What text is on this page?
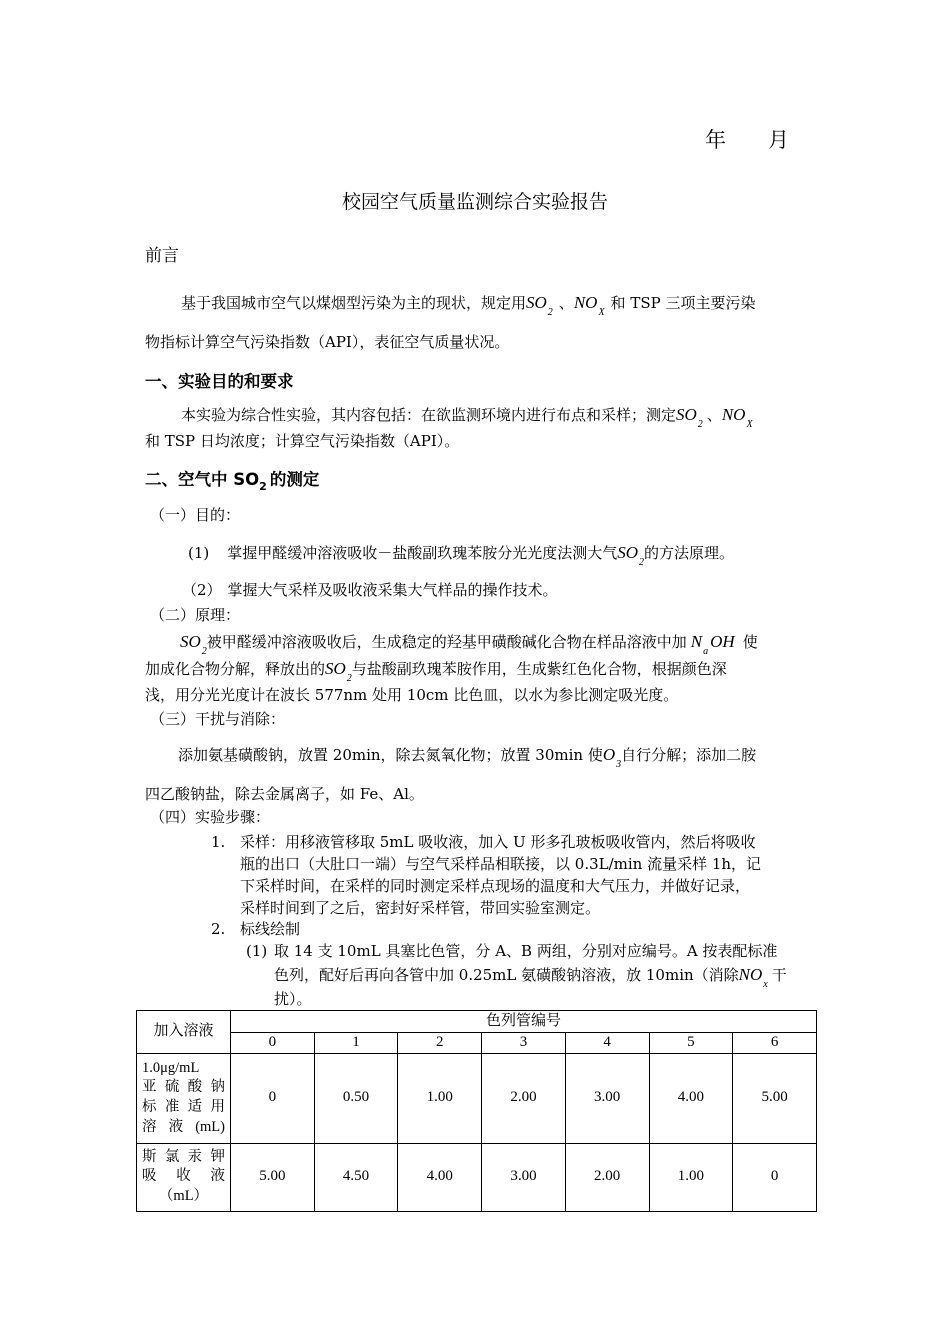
年　　月
校园空气质量监测综合实验报告
前言
基于我国城市空气以煤烟型污染为主的现状，规定用$SO_2$、$NO_X$和 TSP 三项主要污染
物指标计算空气污染指数（API），表征空气质量状况。
一、实验目的和要求
本实验为综合性实验，其内容包括：在欲监测环境内进行布点和采样；测定$SO_2$、$NO_X$
和 TSP 日均浓度；计算空气污染指数（API）。
二、空气中 $SO_2$ 的测定
（一）目的：
(1) 掌握甲醛缓冲溶液吸收－盐酸副玖瑰苯胺分光光度法测大气$SO_2$的方法原理。
（2） 掌握大气采样及吸收液采集大气样品的操作技术。
（二）原理：
$SO_2$被甲醛缓冲溶液吸收后，生成稳定的羟基甲磺酸碱化合物在样品溶液中加 $N_aOH$ 使
加成化合物分解，释放出的$SO_2$与盐酸副玖瑰苯胺作用，生成紫红色化合物，根据颜色深
浅，用分光光度计在波长 577nm 处用 10cm 比色皿，以水为参比测定吸光度。
（三）干扰与消除：
添加氨基磺酸钠，放置 20min，除去氮氧化物；放置 30min 使$O_3$自行分解；添加二胺
四乙酸钠盐，除去金属离子，如 Fe、Al。
（四）实验步骤：
1. 采样：用移液管移取 5mL 吸收液，加入 U 形多孔玻板吸收管内，然后将吸收
瓶的出口（大肚口一端）与空气采样品相联接，以 0.3L/min 流量采样 1h，记
下采样时间，在采样的同时测定采样点现场的温度和大气压力，并做好记录，
采样时间到了之后，密封好采样管，带回实验室测定。
2. 标线绘制
(1) 取 14 支 10mL 具塞比色管，分 A、B 两组，分别对应编号。A 按表配标准
色列，配好后再向各管中加 0.25mL 氨磺酸钠溶液，放 10min（消除$NO_x$干
扰）。
加入溶液	色列管编号						
	0	1	2	3	4	5	6

1.0μg/mL
亚硫酸钠
标准适用
溶液(mL)	0	0.50	1.00	2.00	3.00	4.00	5.00

斯氯汞钾
吸收液
（mL）	5.00	4.50	4.00	3.00	2.00	1.00	0
